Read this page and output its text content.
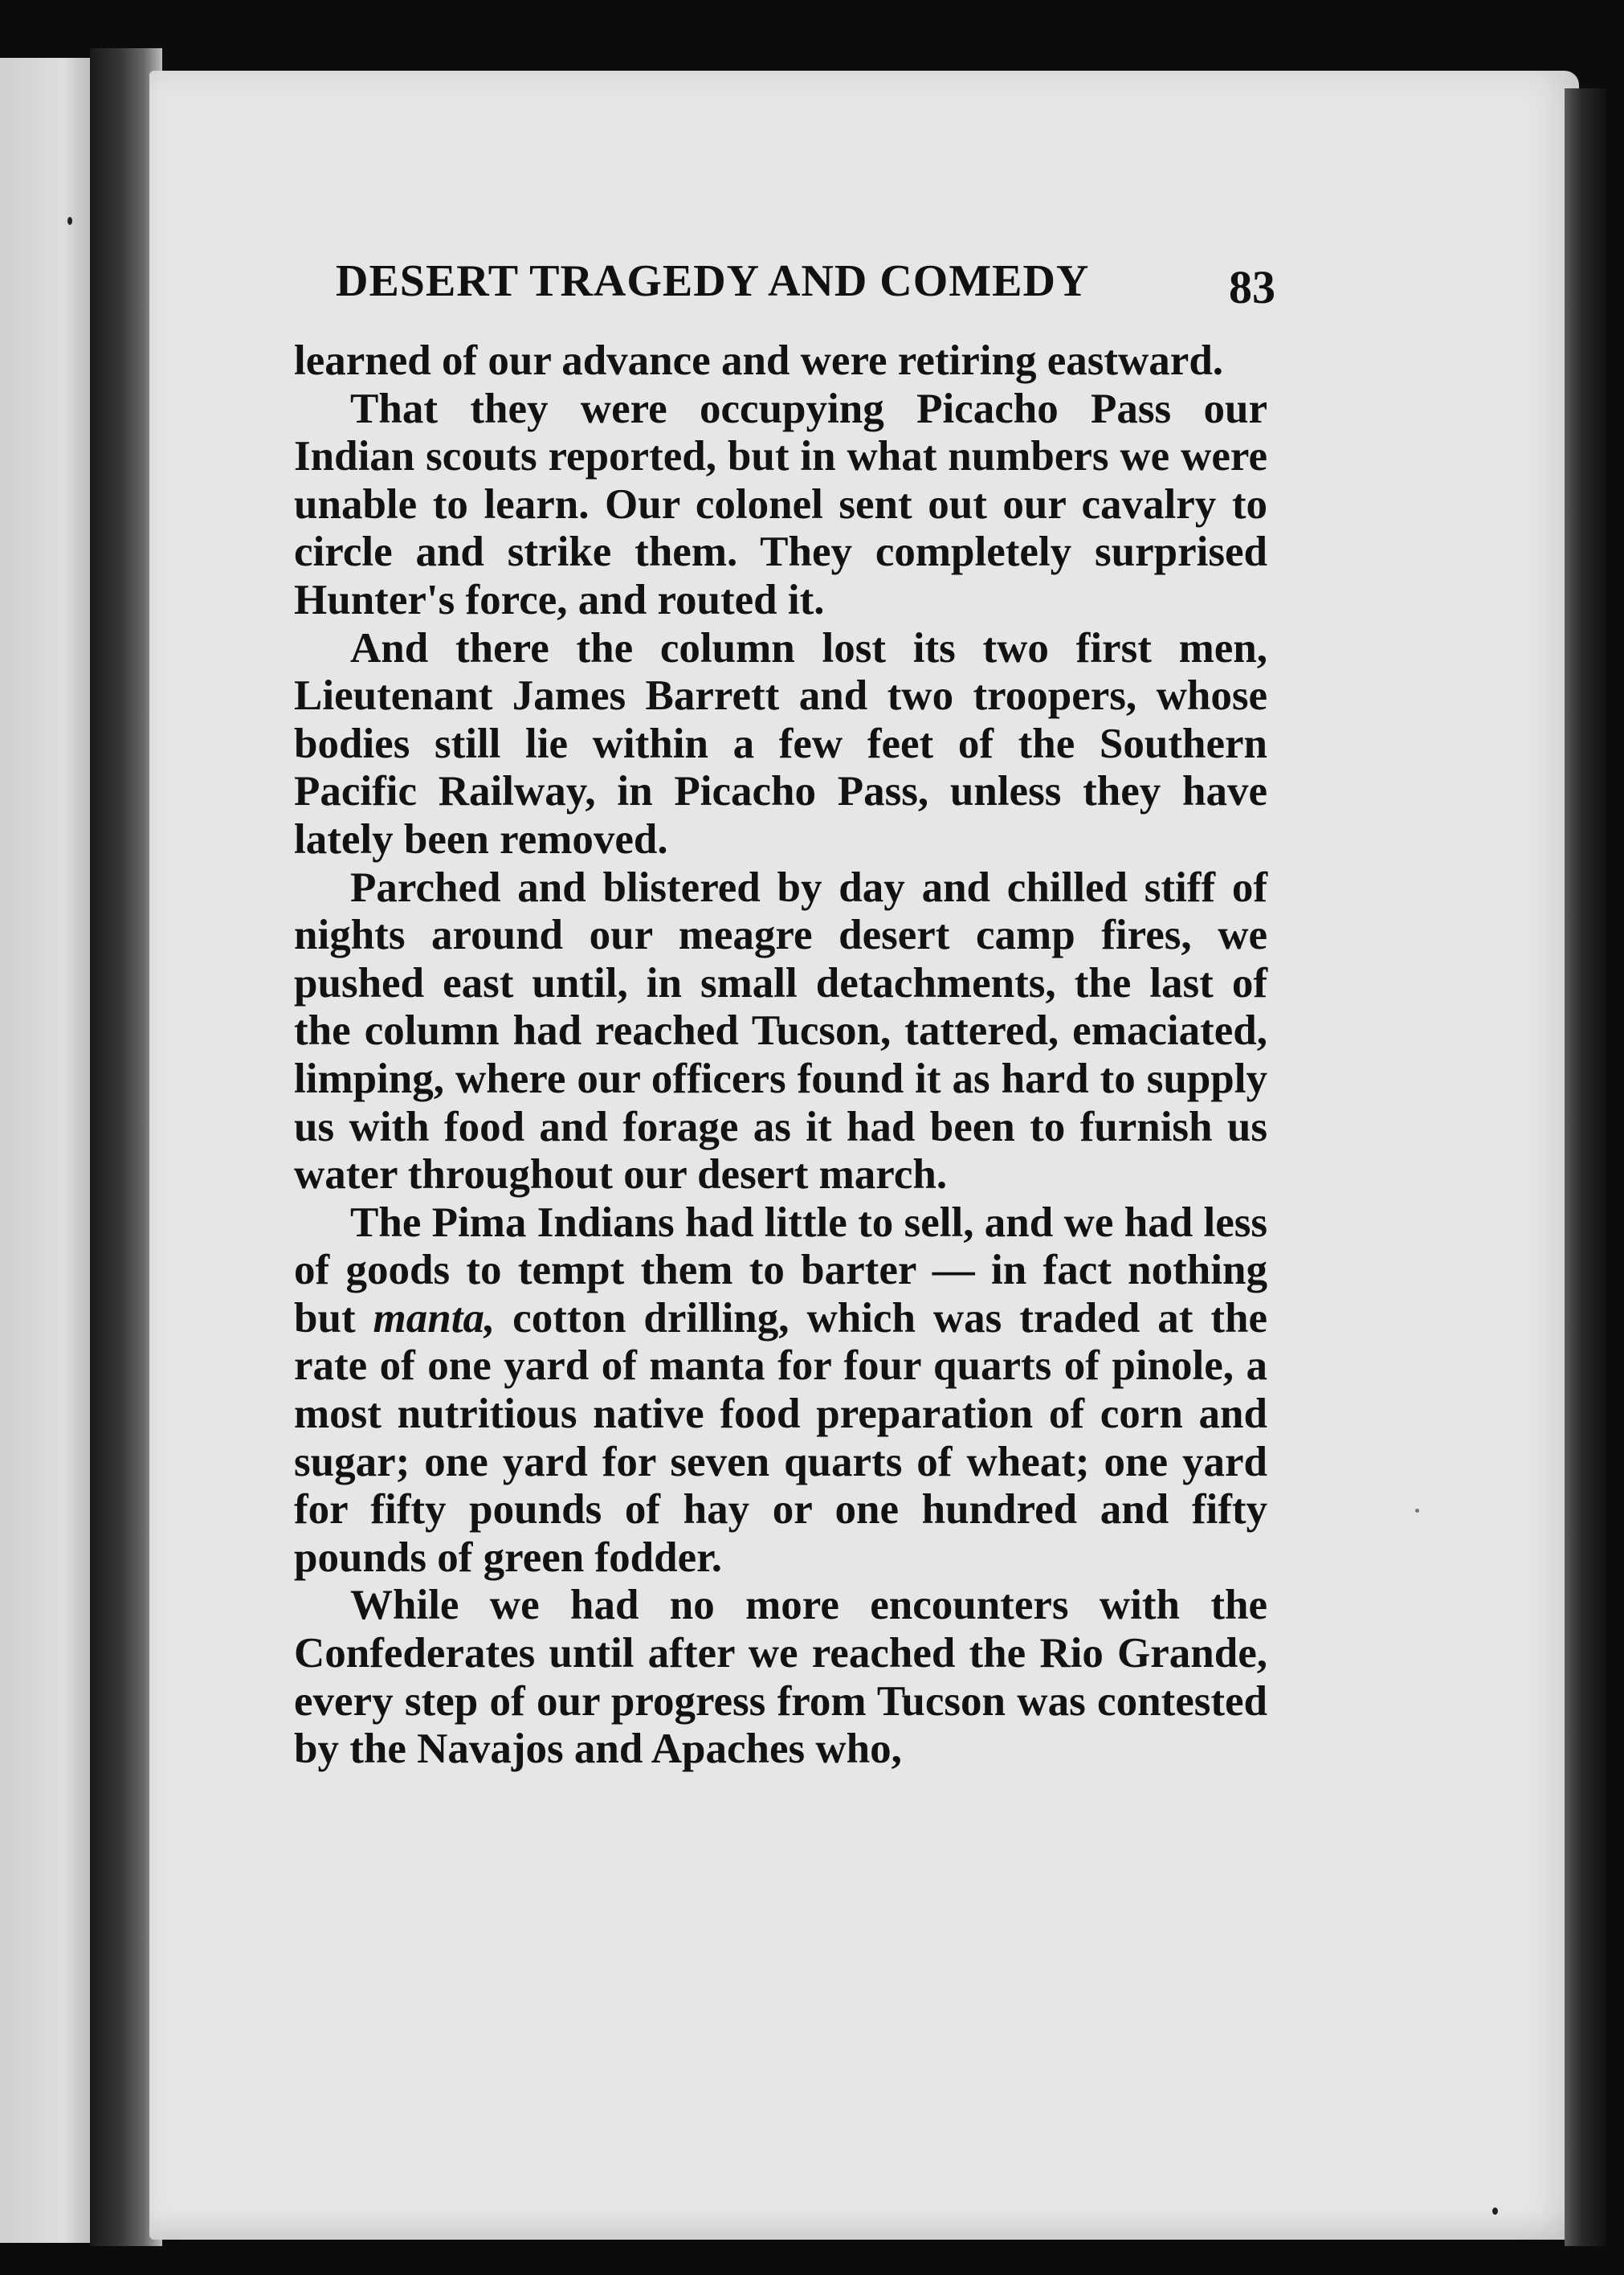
DESERT TRAGEDY AND COMEDY	83

learned of our advance and were retiring eastward.

That they were occupying Picacho Pass our Indian scouts reported, but in what numbers we were unable to learn. Our colonel sent out our cavalry to circle and strike them. They completely surprised Hunter's force, and routed it.

And there the column lost its two first men, Lieutenant James Barrett and two troopers, whose bodies still lie within a few feet of the Southern Pacific Railway, in Picacho Pass, unless they have lately been removed.

Parched and blistered by day and chilled stiff of nights around our meagre desert camp fires, we pushed east until, in small detachments, the last of the column had reached Tucson, tattered, emaciated, limping, where our officers found it as hard to supply us with food and forage as it had been to furnish us water throughout our desert march.

The Pima Indians had little to sell, and we had less of goods to tempt them to barter — in fact nothing but manta, cotton drilling, which was traded at the rate of one yard of manta for four quarts of pinole, a most nutritious native food preparation of corn and sugar; one yard for seven quarts of wheat; one yard for fifty pounds of hay or one hundred and fifty pounds of green fodder.

While we had no more encounters with the Confederates until after we reached the Rio Grande, every step of our progress from Tucson was contested by the Navajos and Apaches who,
